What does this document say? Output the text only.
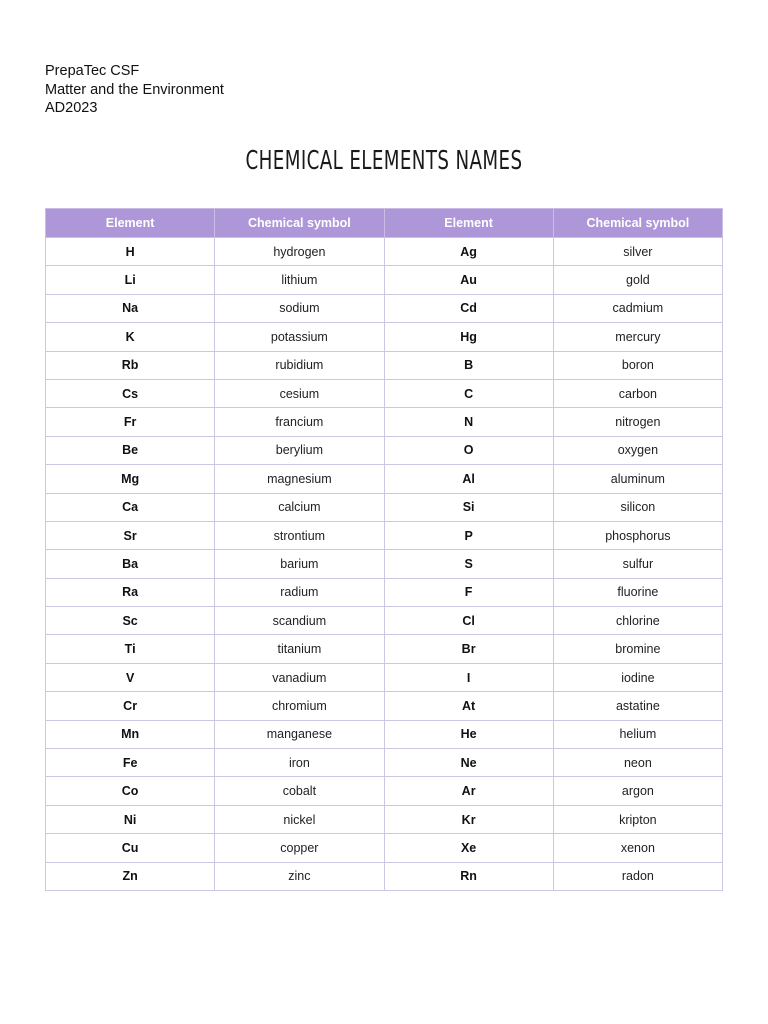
PrepaTec CSF
Matter and the Environment
AD2023
CHEMICAL ELEMENTS NAMES
Element	Chemical symbol	Element	Chemical symbol
H	hydrogen	Ag	silver
Li	lithium	Au	gold
Na	sodium	Cd	cadmium
K	potassium	Hg	mercury
Rb	rubidium	B	boron
Cs	cesium	C	carbon
Fr	francium	N	nitrogen
Be	berylium	O	oxygen
Mg	magnesium	Al	aluminum
Ca	calcium	Si	silicon
Sr	strontium	P	phosphorus
Ba	barium	S	sulfur
Ra	radium	F	fluorine
Sc	scandium	Cl	chlorine
Ti	titanium	Br	bromine
V	vanadium	I	iodine
Cr	chromium	At	astatine
Mn	manganese	He	helium
Fe	iron	Ne	neon
Co	cobalt	Ar	argon
Ni	nickel	Kr	kripton
Cu	copper	Xe	xenon
Zn	zinc	Rn	radon
